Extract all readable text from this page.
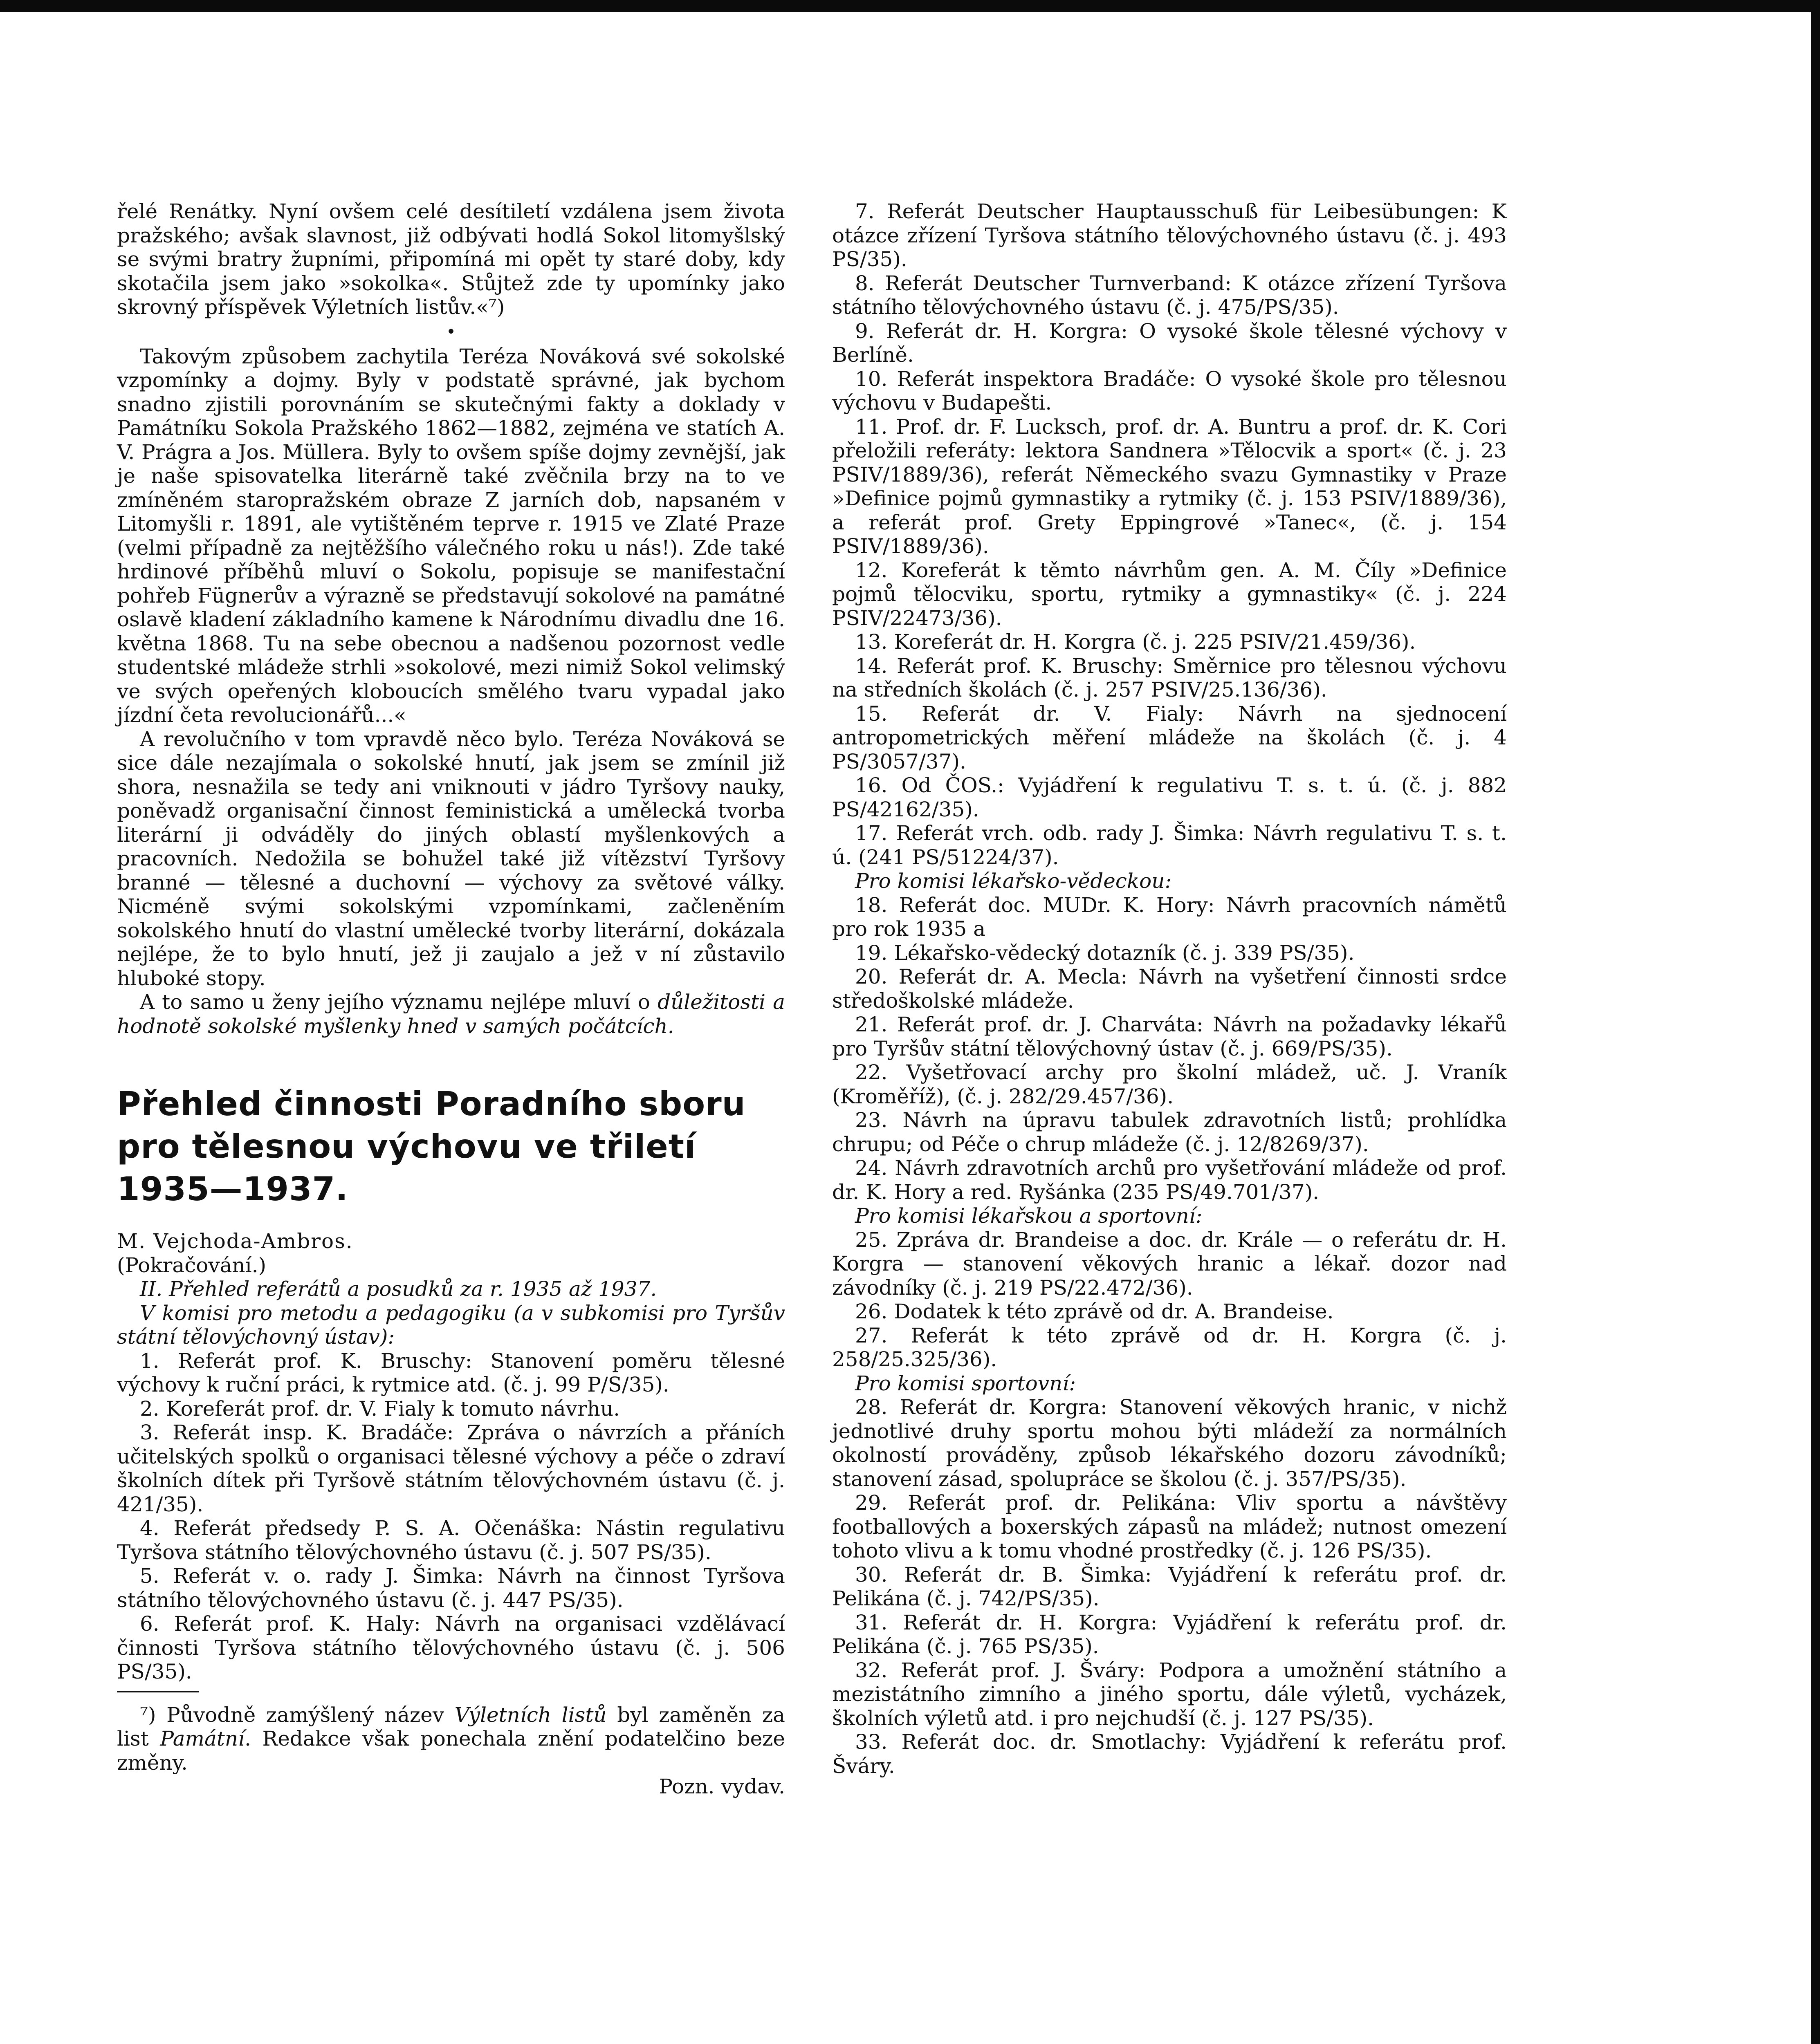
řelé Renátky. Nyní ovšem celé desítiletí vzdálena jsem života pražského; avšak slavnost, již odbývati hodlá Sokol litomyšlský se svými bratry župními, připomíná mi opět ty staré doby, kdy skotačila jsem jako »sokolka«. Stůjtež zde ty upomínky jako skrovný příspěvek Výletních listův.«⁷)

•

Takovým způsobem zachytila Teréza Nováková své sokolské vzpomínky a dojmy. Byly v podstatě správné, jak bychom snadno zjistili porovnáním se skutečnými fakty a doklady v Památníku Sokola Pražského 1862—1882, zejména ve statích A. V. Prágra a Jos. Müllera. Byly to ovšem spíše dojmy zevnější, jak je naše spisovatelka literárně také zvěčnila brzy na to ve zmíněném staropražském obraze Z jarních dob, napsaném v Litomyšli r. 1891, ale vytištěném teprve r. 1915 ve Zlaté Praze (velmi případně za nejtěžšího válečného roku u nás!). Zde také hrdinové příběhů mluví o Sokolu, popisuje se manifestační pohřeb Fügnerův a výrazně se představují sokolové na památné oslavě kladení základního kamene k Národnímu divadlu dne 16. května 1868. Tu na sebe obecnou a nadšenou pozornost vedle studentské mládeže strhli »sokolové, mezi nimiž Sokol velimský ve svých opeřených kloboucích smělého tvaru vypadal jako jízdní četa revolucionářů...«

A revolučního v tom vpravdě něco bylo. Teréza Nováková se sice dále nezajímala o sokolské hnutí, jak jsem se zmínil již shora, nesnažila se tedy ani vniknouti v jádro Tyršovy nauky, poněvadž organisační činnost feministická a umělecká tvorba literární ji odváděly do jiných oblastí myšlenkových a pracovních. Nedožila se bohužel také již vítězství Tyršovy branné — tělesné a duchovní — výchovy za světové války. Nicméně svými sokolskými vzpomínkami, začleněním sokolského hnutí do vlastní umělecké tvorby literární, dokázala nejlépe, že to bylo hnutí, jež ji zaujalo a jež v ní zůstavilo hluboké stopy.

A to samo u ženy jejího významu nejlépe mluví o důležitosti a hodnotě sokolské myšlenky hned v samých počátcích.

Přehled činnosti Poradního sboru pro tělesnou výchovu ve třiletí 1935—1937.

M. Vejchoda-Ambros.

(Pokračování.)

II. Přehled referátů a posudků za r. 1935 až 1937.

V komisi pro metodu a pedagogiku (a v subkomisi pro Tyršův státní tělovýchovný ústav):

1. Referát prof. K. Bruschy: Stanovení poměru tělesné výchovy k ruční práci, k rytmice atd. (č. j. 99 P/S/35).

2. Koreferát prof. dr. V. Fialy k tomuto návrhu.

3. Referát insp. K. Bradáče: Zpráva o návrzích a přáních učitelských spolků o organisaci tělesné výchovy a péče o zdraví školních dítek při Tyršově státním tělovýchovném ústavu (č. j. 421/35).

4. Referát předsedy P. S. A. Očenáška: Nástin regulativu Tyršova státního tělovýchovného ústavu (č. j. 507 PS/35).

5. Referát v. o. rady J. Šimka: Návrh na činnost Tyršova státního tělovýchovného ústavu (č. j. 447 PS/35).

6. Referát prof. K. Haly: Návrh na organisaci vzdělávací činnosti Tyršova státního tělovýchovného ústavu (č. j. 506 PS/35).

⁷) Původně zamýšlený název Výletních listů byl zaměněn za list Památní. Redakce však ponechala znění podatelčino beze změny.

Pozn. vydav.

7. Referát Deutscher Hauptausschuß für Leibesübungen: K otázce zřízení Tyršova státního tělovýchovného ústavu (č. j. 493 PS/35).

8. Referát Deutscher Turnverband: K otázce zřízení Tyršova státního tělovýchovného ústavu (č. j. 475/PS/35).

9. Referát dr. H. Korgra: O vysoké škole tělesné výchovy v Berlíně.

10. Referát inspektora Bradáče: O vysoké škole pro tělesnou výchovu v Budapešti.

11. Prof. dr. F. Lucksch, prof. dr. A. Buntru a prof. dr. K. Cori přeložili referáty: lektora Sandnera »Tělocvik a sport« (č. j. 23 PSIV/1889/36), referát Německého svazu Gymnastiky v Praze »Definice pojmů gymnastiky a rytmiky (č. j. 153 PSIV/1889/36), a referát prof. Grety Eppingrové »Tanec«, (č. j. 154 PSIV/1889/36).

12. Koreferát k těmto návrhům gen. A. M. Číly »Definice pojmů tělocviku, sportu, rytmiky a gymnastiky« (č. j. 224 PSIV/22473/36).

13. Koreferát dr. H. Korgra (č. j. 225 PSIV/21.459/36).

14. Referát prof. K. Bruschy: Směrnice pro tělesnou výchovu na středních školách (č. j. 257 PSIV/25.136/36).

15. Referát dr. V. Fialy: Návrh na sjednocení antropometrických měření mládeže na školách (č. j. 4 PS/3057/37).

16. Od ČOS.: Vyjádření k regulativu T. s. t. ú. (č. j. 882 PS/42162/35).

17. Referát vrch. odb. rady J. Šimka: Návrh regulativu T. s. t. ú. (241 PS/51224/37).

Pro komisi lékařsko-vědeckou:

18. Referát doc. MUDr. K. Hory: Návrh pracovních námětů pro rok 1935 a

19. Lékařsko-vědecký dotazník (č. j. 339 PS/35).

20. Referát dr. A. Mecla: Návrh na vyšetření činnosti srdce středoškolské mládeže.

21. Referát prof. dr. J. Charváta: Návrh na požadavky lékařů pro Tyršův státní tělovýchovný ústav (č. j. 669/PS/35).

22. Vyšetřovací archy pro školní mládež, uč. J. Vraník (Kroměříž), (č. j. 282/29.457/36).

23. Návrh na úpravu tabulek zdravotních listů; prohlídka chrupu; od Péče o chrup mládeže (č. j. 12/8269/37).

24. Návrh zdravotních archů pro vyšetřování mládeže od prof. dr. K. Hory a red. Ryšánka (235 PS/49.701/37).

Pro komisi lékařskou a sportovní:

25. Zpráva dr. Brandeise a doc. dr. Krále — o referátu dr. H. Korgra — stanovení věkových hranic a lékař. dozor nad závodníky (č. j. 219 PS/22.472/36).

26. Dodatek k této zprávě od dr. A. Brandeise.

27. Referát k této zprávě od dr. H. Korgra (č. j. 258/25.325/36).

Pro komisi sportovní:

28. Referát dr. Korgra: Stanovení věkových hranic, v nichž jednotlivé druhy sportu mohou býti mládeží za normálních okolností prováděny, způsob lékařského dozoru závodníků; stanovení zásad, spolupráce se školou (č. j. 357/PS/35).

29. Referát prof. dr. Pelikána: Vliv sportu a návštěvy footballových a boxerských zápasů na mládež; nutnost omezení tohoto vlivu a k tomu vhodné prostředky (č. j. 126 PS/35).

30. Referát dr. B. Šimka: Vyjádření k referátu prof. dr. Pelikána (č. j. 742/PS/35).

31. Referát dr. H. Korgra: Vyjádření k referátu prof. dr. Pelikána (č. j. 765 PS/35).

32. Referát prof. J. Šváry: Podpora a umožnění státního a mezistátního zimního a jiného sportu, dále výletů, vycházek, školních výletů atd. i pro nejchudší (č. j. 127 PS/35).

33. Referát doc. dr. Smotlachy: Vyjádření k referátu prof. Šváry.
